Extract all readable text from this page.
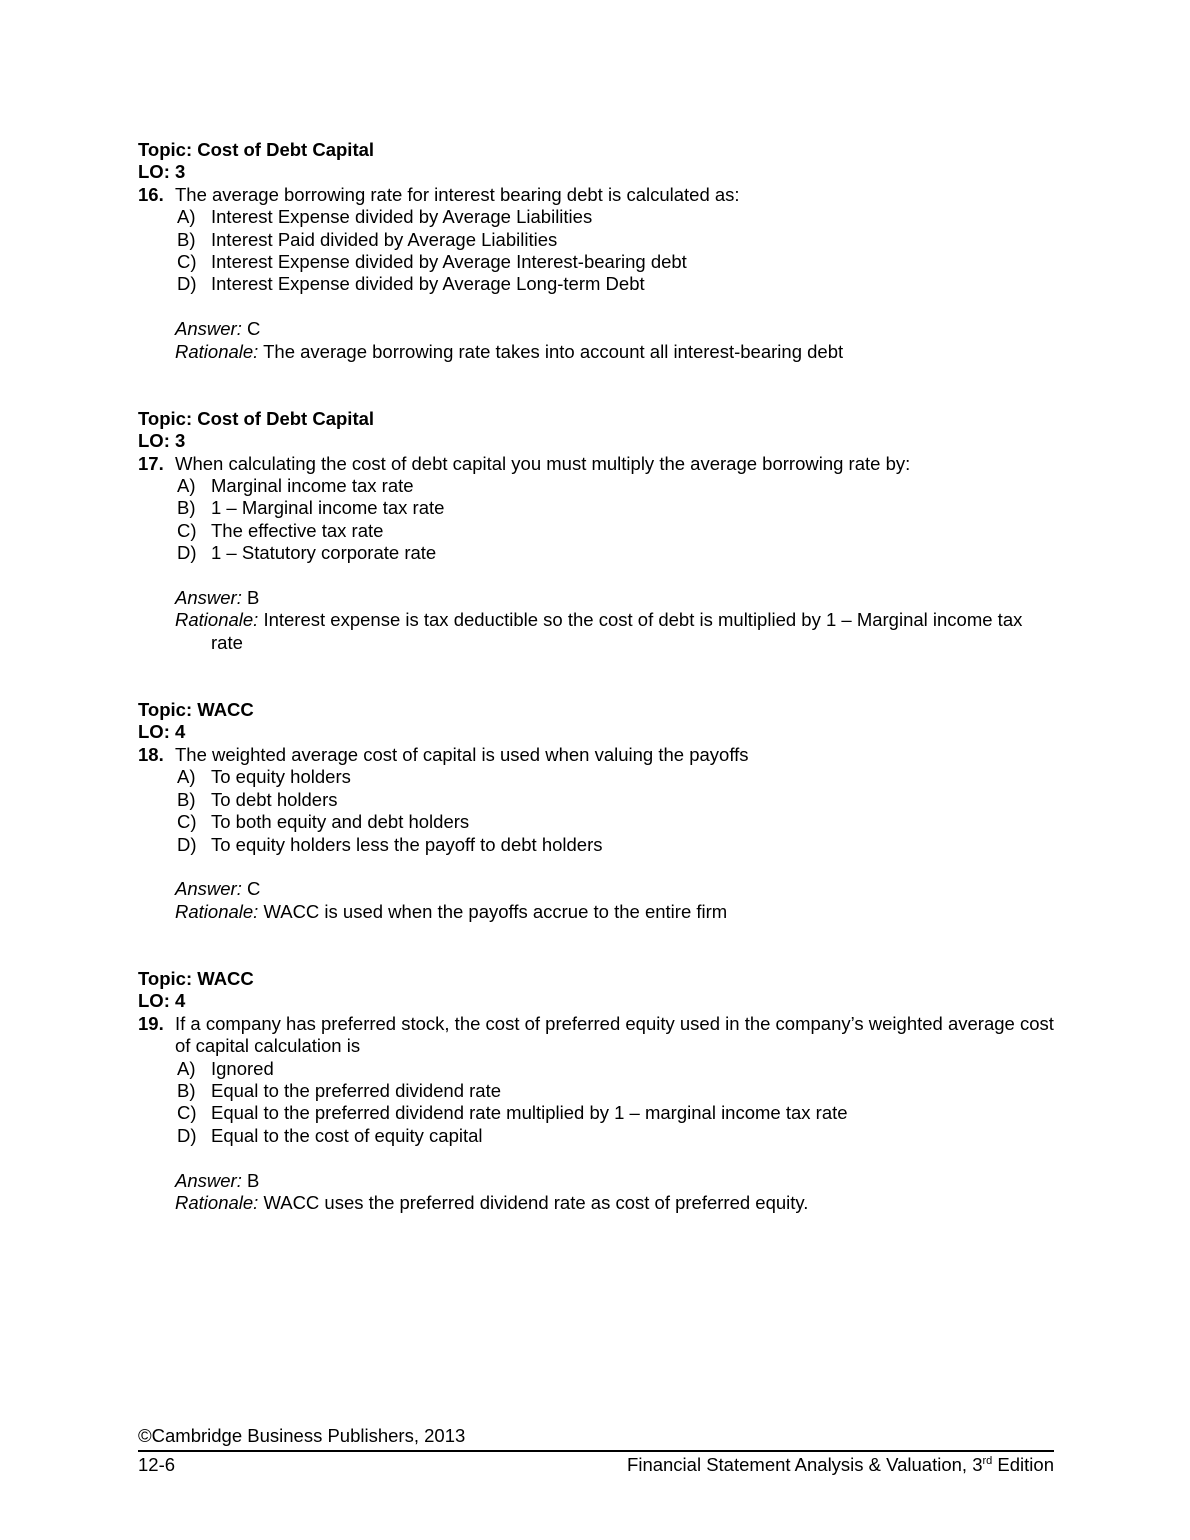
Topic: Cost of Debt Capital
LO: 3
16. The average borrowing rate for interest bearing debt is calculated as:
A) Interest Expense divided by Average Liabilities
B) Interest Paid divided by Average Liabilities
C) Interest Expense divided by Average Interest-bearing debt
D) Interest Expense divided by Average Long-term Debt
Answer: C
Rationale: The average borrowing rate takes into account all interest-bearing debt
Topic: Cost of Debt Capital
LO: 3
17. When calculating the cost of debt capital you must multiply the average borrowing rate by:
A) Marginal income tax rate
B) 1 – Marginal income tax rate
C) The effective tax rate
D) 1 – Statutory corporate rate
Answer: B
Rationale: Interest expense is tax deductible so the cost of debt is multiplied by 1 – Marginal income tax rate
Topic: WACC
LO: 4
18. The weighted average cost of capital is used when valuing the payoffs
A) To equity holders
B) To debt holders
C) To both equity and debt holders
D) To equity holders less the payoff to debt holders
Answer: C
Rationale: WACC is used when the payoffs accrue to the entire firm
Topic: WACC
LO: 4
19. If a company has preferred stock, the cost of preferred equity used in the company’s weighted average cost of capital calculation is
A) Ignored
B) Equal to the preferred dividend rate
C) Equal to the preferred dividend rate multiplied by 1 – marginal income tax rate
D) Equal to the cost of equity capital
Answer: B
Rationale: WACC uses the preferred dividend rate as cost of preferred equity.
©Cambridge Business Publishers, 2013
12-6	Financial Statement Analysis & Valuation, 3rd Edition
